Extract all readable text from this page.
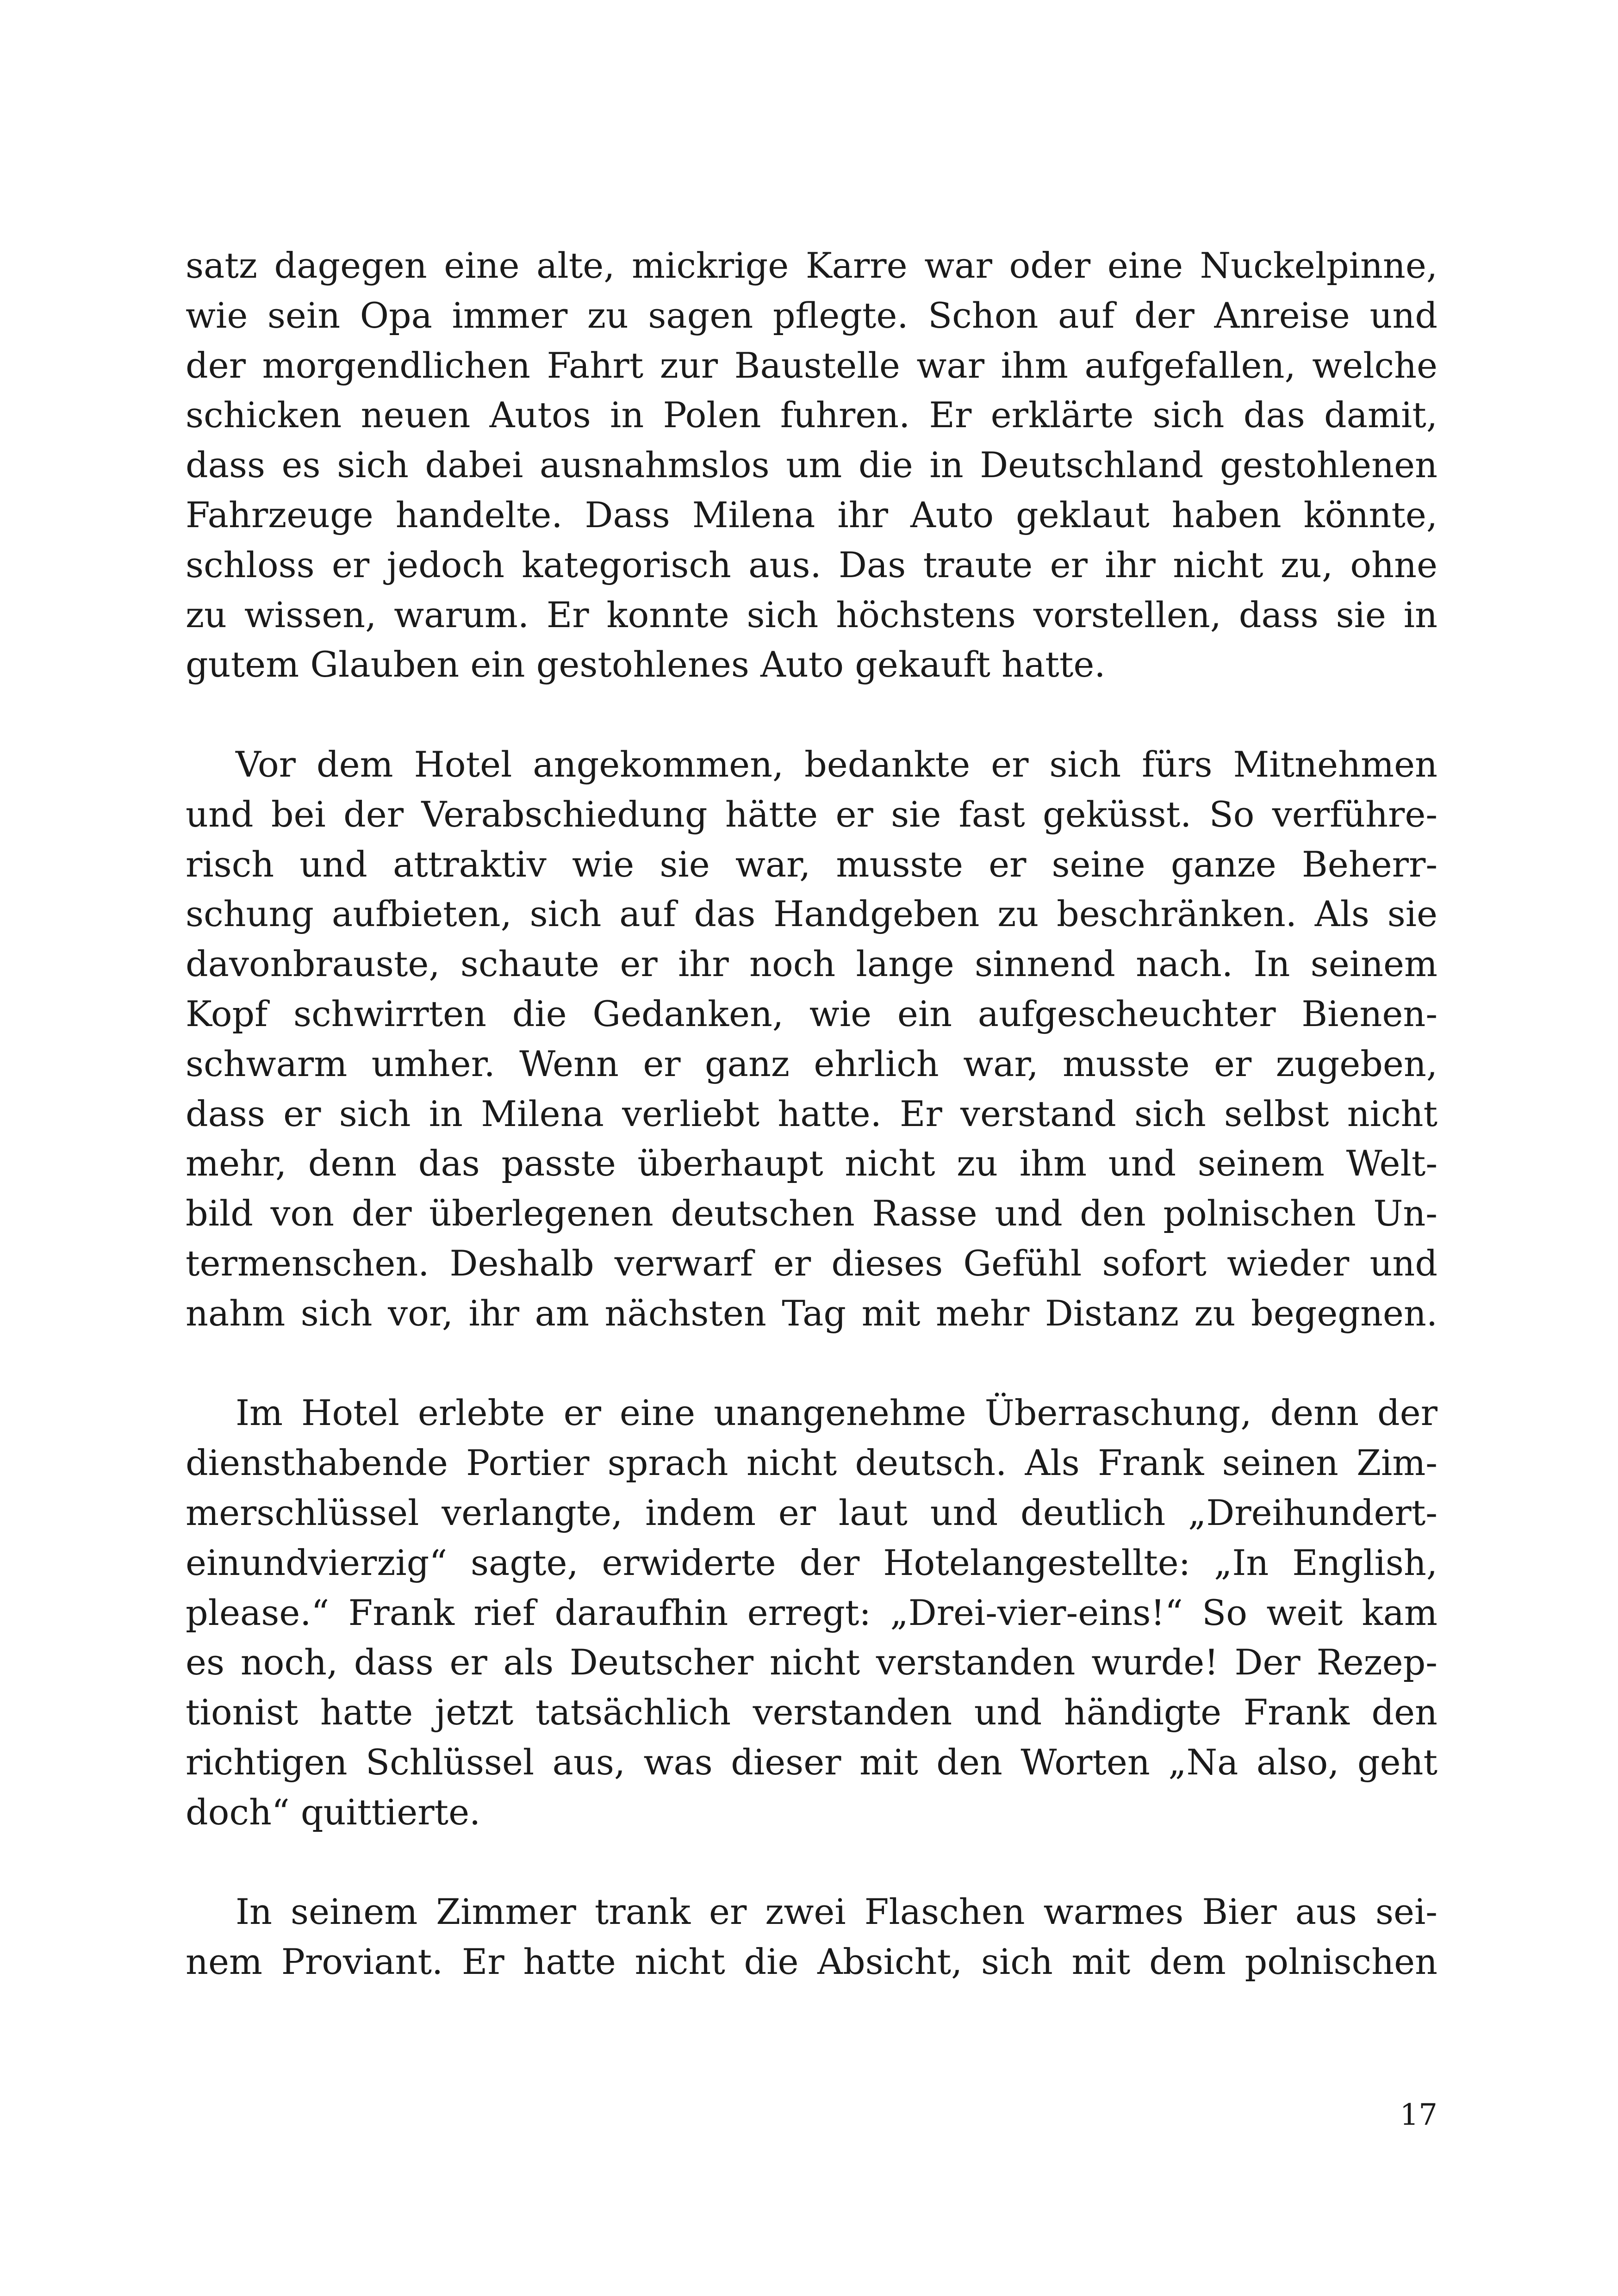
satz dagegen eine alte, mickrige Karre war oder eine Nuckelpinne,
wie sein Opa immer zu sagen pflegte. Schon auf der Anreise und
der morgendlichen Fahrt zur Baustelle war ihm aufgefallen, welche
schicken neuen Autos in Polen fuhren. Er erklärte sich das damit,
dass es sich dabei ausnahmslos um die in Deutschland gestohlenen
Fahrzeuge handelte. Dass Milena ihr Auto geklaut haben könnte,
schloss er jedoch kategorisch aus. Das traute er ihr nicht zu, ohne
zu wissen, warum. Er konnte sich höchstens vorstellen, dass sie in
gutem Glauben ein gestohlenes Auto gekauft hatte.
Vor dem Hotel angekommen, bedankte er sich fürs Mitnehmen
und bei der Verabschiedung hätte er sie fast geküsst. So verführe-
risch und attraktiv wie sie war, musste er seine ganze Beherr-
schung aufbieten, sich auf das Handgeben zu beschränken. Als sie
davonbrauste, schaute er ihr noch lange sinnend nach. In seinem
Kopf schwirrten die Gedanken, wie ein aufgescheuchter Bienen-
schwarm umher. Wenn er ganz ehrlich war, musste er zugeben,
dass er sich in Milena verliebt hatte. Er verstand sich selbst nicht
mehr, denn das passte überhaupt nicht zu ihm und seinem Welt-
bild von der überlegenen deutschen Rasse und den polnischen Un-
termenschen. Deshalb verwarf er dieses Gefühl sofort wieder und
nahm sich vor, ihr am nächsten Tag mit mehr Distanz zu begegnen.
Im Hotel erlebte er eine unangenehme Überraschung, denn der
diensthabende Portier sprach nicht deutsch. Als Frank seinen Zim-
merschlüssel verlangte, indem er laut und deutlich „Dreihundert-
einundvierzig“ sagte, erwiderte der Hotelangestellte: „In English,
please.“ Frank rief daraufhin erregt: „Drei-vier-eins!“ So weit kam
es noch, dass er als Deutscher nicht verstanden wurde! Der Rezep-
tionist hatte jetzt tatsächlich verstanden und händigte Frank den
richtigen Schlüssel aus, was dieser mit den Worten „Na also, geht
doch“ quittierte.
In seinem Zimmer trank er zwei Flaschen warmes Bier aus sei-
nem Proviant. Er hatte nicht die Absicht, sich mit dem polnischen
17
